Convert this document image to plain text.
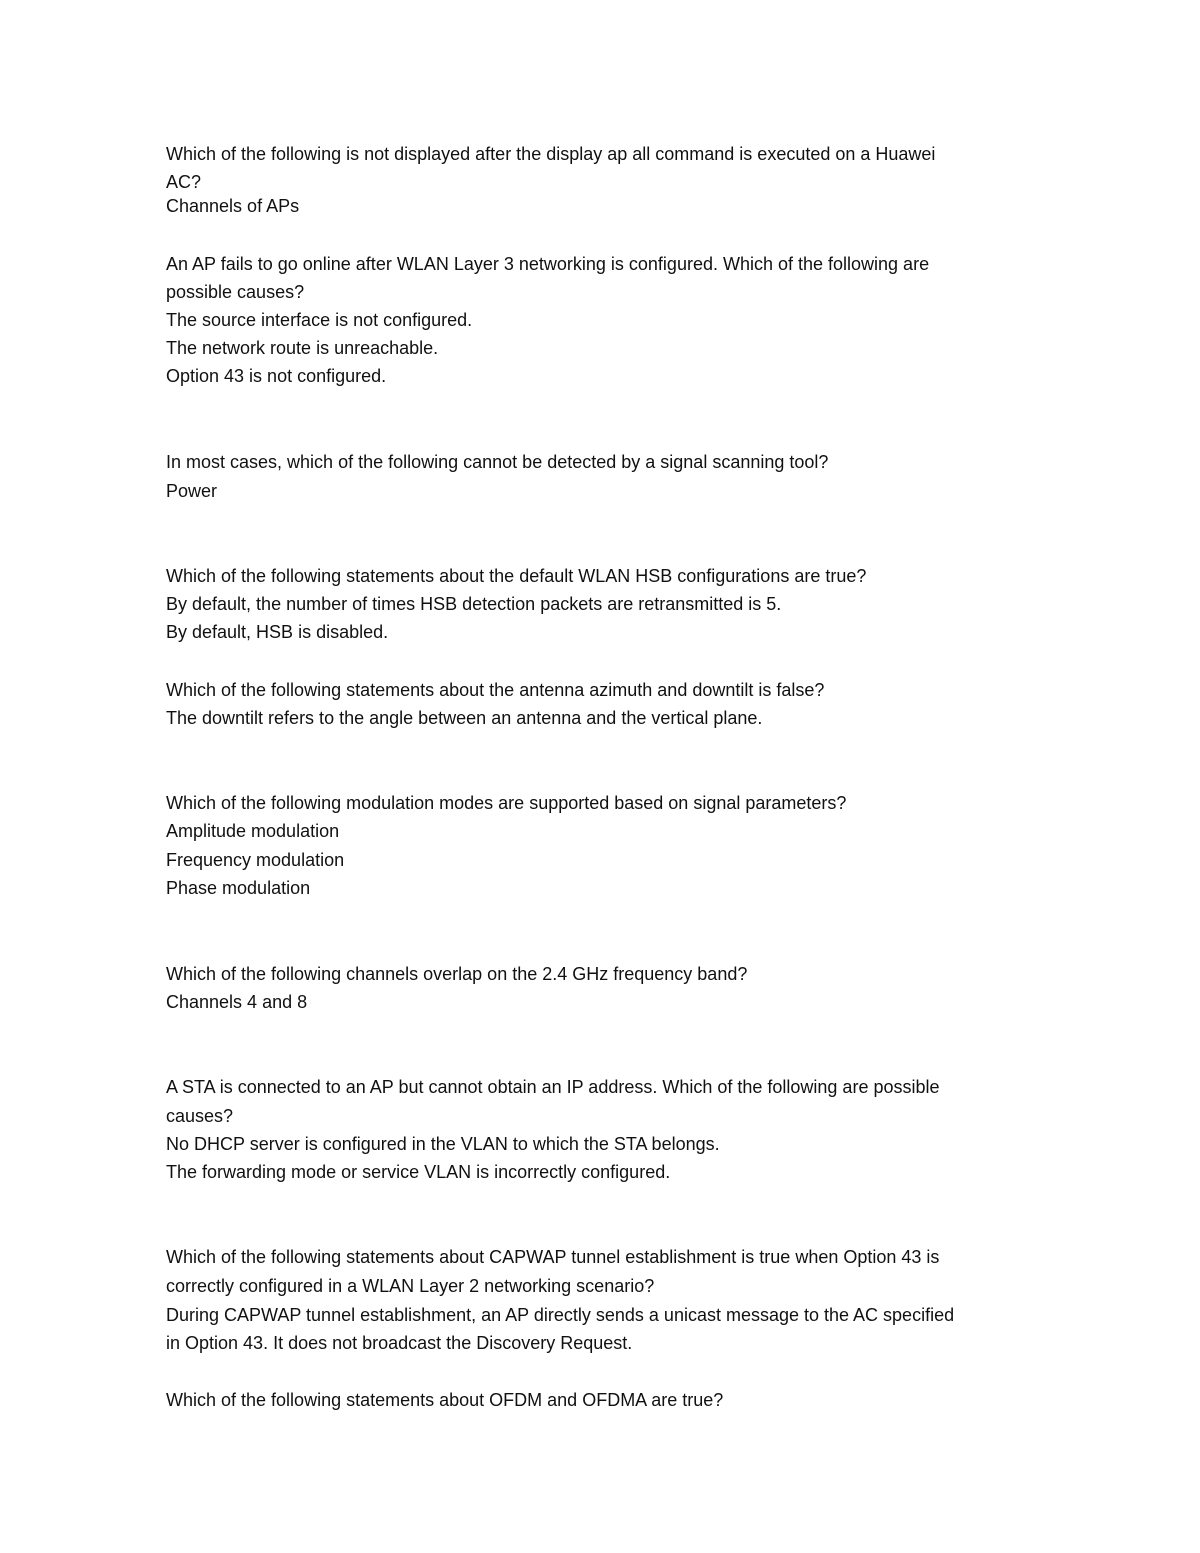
Which of the following is not displayed after the display ap all command is executed on a Huawei
AC?
Channels of APs
An AP fails to go online after WLAN Layer 3 networking is configured. Which of the following are
possible causes?
The source interface is not configured.
The network route is unreachable.
Option 43 is not configured.
In most cases, which of the following cannot be detected by a signal scanning tool?
Power
Which of the following statements about the default WLAN HSB configurations are true?
By default, the number of times HSB detection packets are retransmitted is 5.
By default, HSB is disabled.
Which of the following statements about the antenna azimuth and downtilt is false?
The downtilt refers to the angle between an antenna and the vertical plane.
Which of the following modulation modes are supported based on signal parameters?
Amplitude modulation
Frequency modulation
Phase modulation
Which of the following channels overlap on the 2.4 GHz frequency band?
Channels 4 and 8
A STA is connected to an AP but cannot obtain an IP address. Which of the following are possible
causes?
No DHCP server is configured in the VLAN to which the STA belongs.
The forwarding mode or service VLAN is incorrectly configured.
Which of the following statements about CAPWAP tunnel establishment is true when Option 43 is
correctly configured in a WLAN Layer 2 networking scenario?
During CAPWAP tunnel establishment, an AP directly sends a unicast message to the AC specified
in Option 43. It does not broadcast the Discovery Request.
Which of the following statements about OFDM and OFDMA are true?
